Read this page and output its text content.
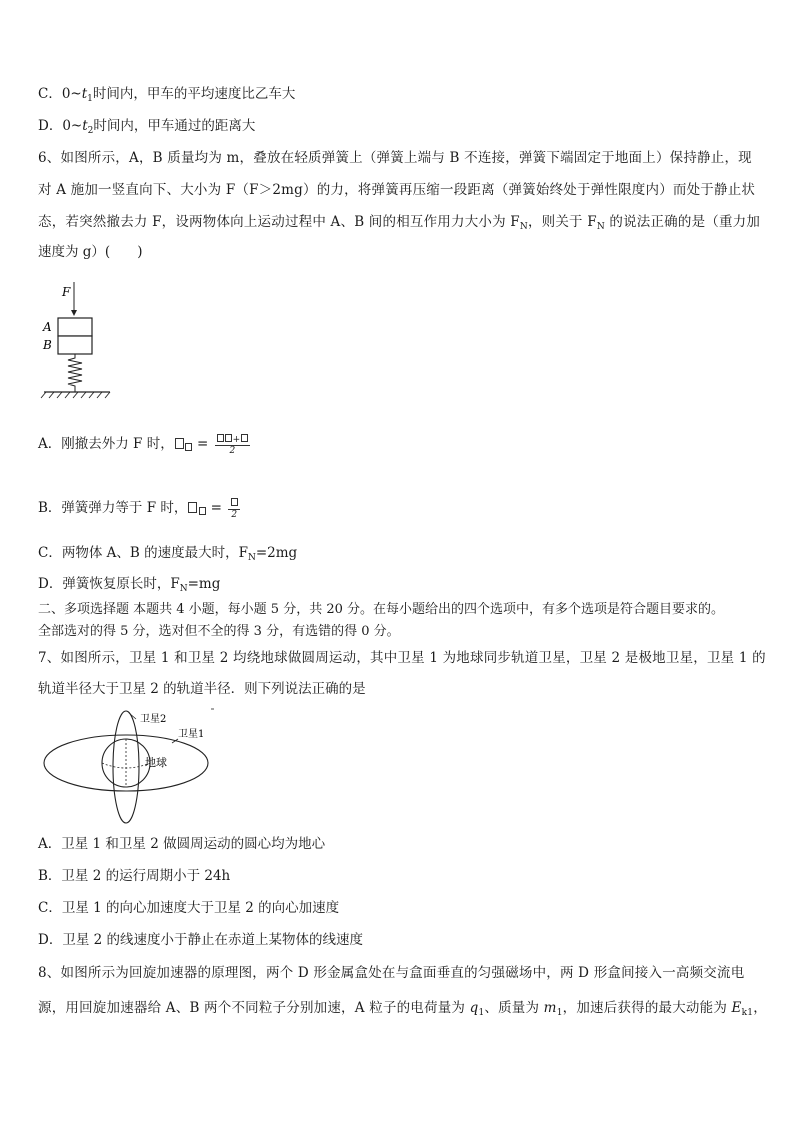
C．$0\sim t_1$时间内，甲车的平均速度比乙车大
D．$0\sim t_2$时间内，甲车通过的距离大
6、如图所示，A，B 质量均为 m，叠放在轻质弹簧上（弹簧上端与 B 不连接，弹簧下端固定于地面上）保持静止，现
对 A 施加一竖直向下、大小为 F（F＞2mg）的力，将弹簧再压缩一段距离（弹簧始终处于弹性限度内）而处于静止状
态，若突然撤去力 F，设两物体向上运动过程中 A、B 间的相互作用力大小为 $F_N$，则关于 $F_N$ 的说法正确的是（重力加
速度为 g）(　　)
F
A
B
A．刚撤去外力 F 时， = $\frac{+}{2}$
B．弹簧弹力等于 F 时， =	2
C．两物体 A、B 的速度最大时，$F_N=2mg$
D．弹簧恢复原长时，$F_N=mg$
二、多项选择题 本题共 4 小题，每小题 5 分，共 20 分。在每小题给出的四个选项中，有多个选项是符合题目要求的。
全部选对的得 5 分，选对但不全的得 3 分，有选错的得 0 分。
7、如图所示，卫星 1 和卫星 2 均绕地球做圆周运动，其中卫星 1 为地球同步轨道卫星，卫星 2 是极地卫星，卫星 1 的
轨道半径大于卫星 2 的轨道半径．则下列说法正确的是
卫星2
卫星1
地球
A．卫星 1 和卫星 2 做圆周运动的圆心均为地心
B．卫星 2 的运行周期小于 24h
C．卫星 1 的向心加速度大于卫星 2 的向心加速度
D．卫星 2 的线速度小于静止在赤道上某物体的线速度
8、如图所示为回旋加速器的原理图，两个 D 形金属盒处在与盒面垂直的匀强磁场中，两 D 形盒间接入一高频交流电
源，用回旋加速器给 A、B 两个不同粒子分别加速，A 粒子的电荷量为 $q_1$、质量为 $m_1$，加速后获得的最大动能为 $E_{k1}$，
